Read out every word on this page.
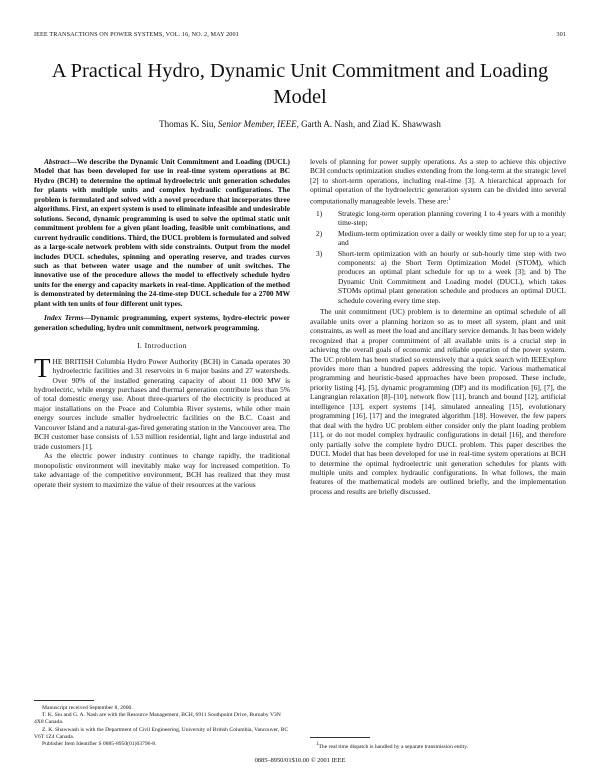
IEEE TRANSACTIONS ON POWER SYSTEMS, VOL. 16, NO. 2, MAY 2001	301
A Practical Hydro, Dynamic Unit Commitment and Loading Model
Thomas K. Siu, Senior Member, IEEE, Garth A. Nash, and Ziad K. Shawwash

Abstract—We describe the Dynamic Unit Commitment and Loading (DUCL) Model that has been developed for use in real-time system operations at BC Hydro (BCH) to determine the optimal hydroelectric unit generation schedules for plants with multiple units and complex hydraulic configurations. The problem is formulated and solved with a novel procedure that incorporates three algorithms. First, an expert system is used to eliminate infeasible and undesirable solutions. Second, dynamic programming is used to solve the optimal static unit commitment problem for a given plant loading, feasible unit combinations, and current hydraulic conditions. Third, the DUCL problem is formulated and solved as a large-scale network problem with side constraints. Output from the model includes DUCL schedules, spinning and operating reserve, and trades curves such as that between water usage and the number of unit switches. The innovative use of the procedure allows the model to effectively schedule hydro units for the energy and capacity markets in real-time. Application of the method is demonstrated by determining the 24-time-step DUCL schedule for a 2700 MW plant with ten units of four different unit types.

Index Terms—Dynamic programming, expert systems, hydro-electric power generation scheduling, hydro unit commitment, network programming.

I. Introduction

THE BRITISH Columbia Hydro Power Authority (BCH) in Canada operates 30 hydroelectric facilities and 31 reservoirs in 6 major basins and 27 watersheds. Over 90% of the installed generating capacity of about 11 000 MW is hydroelectric, while energy purchases and thermal generation contribute less than 5% of total domestic energy use. About three-quarters of the electricity is produced at major installations on the Peace and Columbia River systems, while other main energy sources include smaller hydroelectric facilities on the B.C. Coast and Vancouver Island and a natural-gas-fired generating station in the Vancouver area. The BCH customer base consists of 1.53 million residential, light and large industrial and trade customers [1].

As the electric power industry continues to change rapidly, the traditional monopolistic environment will inevitably make way for increased competition. To take advantage of the competitive environment, BCH has realized that they must operate their system to maximize the value of their resources at the various

levels of planning for power supply operations. As a step to achieve this objective BCH conducts optimization studies extending from the long-term at the strategic level [2] to short-term operations, including real-time [3]. A hierarchical approach for optimal operation of the hydroelectric generation system can be divided into several computationally manageable levels. These are:$^1$

1) Strategic long-term operation planning covering 1 to 4 years with a monthly time-step;
2) Medium-term optimization over a daily or weekly time step for up to a year; and
3) Short-term optimization with an hourly or sub-hourly time step with two components: a) the Short Term Optimization Model (STOM), which produces an optimal plant schedule for up to a week [3]; and b) The Dynamic Unit Commitment and Loading model (DUCL), which takes STOMs optimal plant generation schedule and produces an optimal DUCL schedule covering every time step.

The unit commitment (UC) problem is to determine an optimal schedule of all available units over a planning horizon so as to meet all system, plant and unit constraints, as well as meet the load and ancillary service demands. It has been widely recognized that a proper commitment of all available units is a crucial step in achieving the overall goals of economic and reliable operation of the power system. The UC problem has been studied so extensively that a quick search with IEEExplore provides more than a hundred papers addressing the topic. Various mathematical programming and heuristic-based approaches have been proposed. These include, priority listing [4], [5], dynamic programming (DP) and its modification [6], [7], the Langrangian relaxation [8]–[10], network flow [11], branch and bound [12], artificial intelligence [13], expert systems [14], simulated annealing [15], evolutionary programming [16], [17] and the integrated algorithm [18]. However, the few papers that deal with the hydro UC problem either consider only the plant loading problem [11], or do not model complex hydraulic configurations in detail [16], and therefore only partially solve the complete hydro DUCL problem. This paper describes the DUCL Model that has been developed for use in real-time system operations at BCH to determine the optimal hydroelectric unit generation schedules for plants with multiple units and complex hydraulic configurations. In what follows, the main features of the mathematical models are outlined briefly, and the implementation process and results are briefly discussed.

Manuscript received September 8, 2000.

T. K. Siu and G. A. Nash are with the Resource Management, BCH, 6911 Southpoint Drive, Burnaby V3N 4X8 Canada.

Z. K. Shawwash is with the Department of Civil Engineering, University of British Columbia, Vancouver, BC V6T 1Z4 Canada.

Publisher Item Identifier S 0885-8950(01)03796-8.	$^1$The real time dispatch is handled by a separate transmission entity.

0885–8950/01$10.00 © 2001 IEEE
